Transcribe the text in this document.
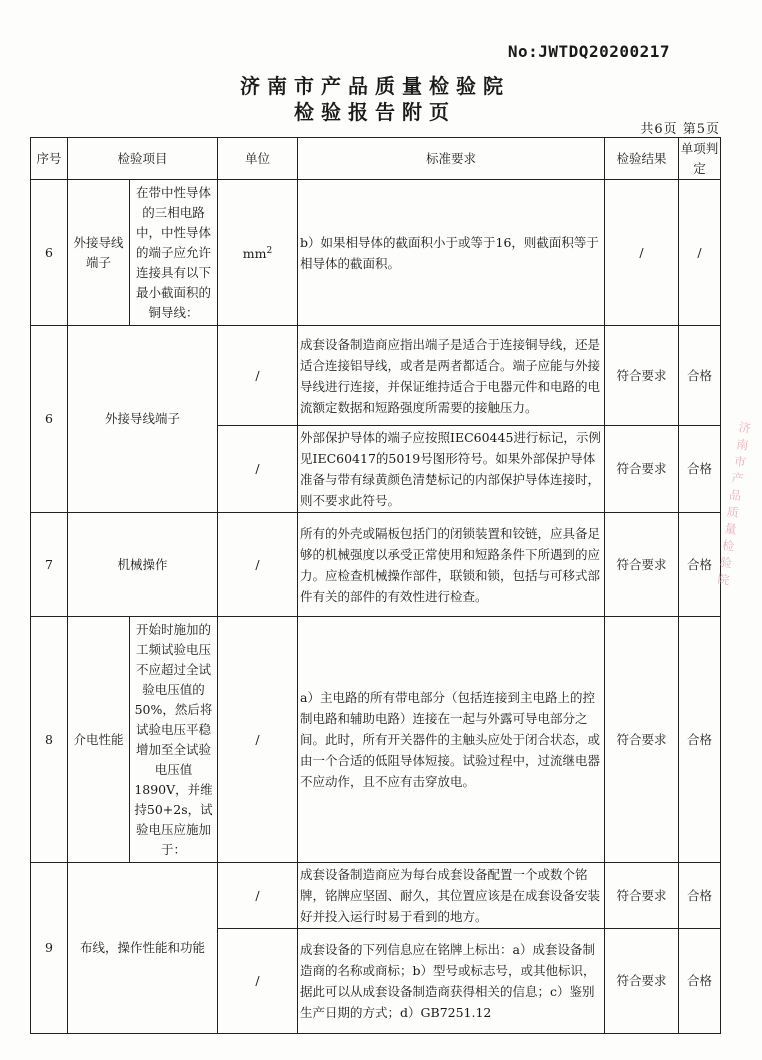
No:JWTDQ20200217
济南市产品质量检验院
检验报告附页
共6页 第5页
序号	检验项目		单位	标准要求	检验结果	单项判定
6	外接导线端子	在带中性导体的三相电路中，中性导体的端子应允许连接具有以下最小截面积的铜导线：	$mm^2$	b）如果相导体的截面积小于或等于16，则截面积等于相导体的截面积。	/	/
6	外接导线端子		/	成套设备制造商应指出端子是适合于连接铜导线，还是适合连接铝导线，或者是两者都适合。端子应能与外接导线进行连接，并保证维持适合于电器元件和电路的电流额定数据和短路强度所需要的接触压力。	符合要求	合格
			/	外部保护导体的端子应按照IEC60445进行标记，示例见IEC60417的5019号图形符号。如果外部保护导体准备与带有绿黄颜色清楚标记的内部保护导体连接时，则不要求此符号。	符合要求	合格
7	机械操作		/	所有的外壳或隔板包括门的闭锁装置和铰链，应具备足够的机械强度以承受正常使用和短路条件下所遇到的应力。应检查机械操作部件，联锁和锁，包括与可移式部件有关的部件的有效性进行检查。	符合要求	合格
8	介电性能	开始时施加的工频试验电压不应超过全试验电压值的50%，然后将试验电压平稳增加至全试验电压值1890V，并维持50+2s，试验电压应施加于：	/	a）主电路的所有带电部分（包括连接到主电路上的控制电路和辅助电路）连接在一起与外露可导电部分之间。此时，所有开关器件的主触头应处于闭合状态，或由一个合适的低阻导体短接。试验过程中，过流继电器不应动作，且不应有击穿放电。	符合要求	合格
9	布线，操作性能和功能		/	成套设备制造商应为每台成套设备配置一个或数个铭牌，铭牌应坚固、耐久，其位置应该是在成套设备安装好并投入运行时易于看到的地方。	符合要求	合格
			/	成套设备的下列信息应在铭牌上标出：a）成套设备制造商的名称或商标；b）型号或标志号，或其他标识，据此可以从成套设备制造商获得相关的信息；c）鉴别生产日期的方式；d）GB7251.12	符合要求	合格
济南市产品质量检验院
